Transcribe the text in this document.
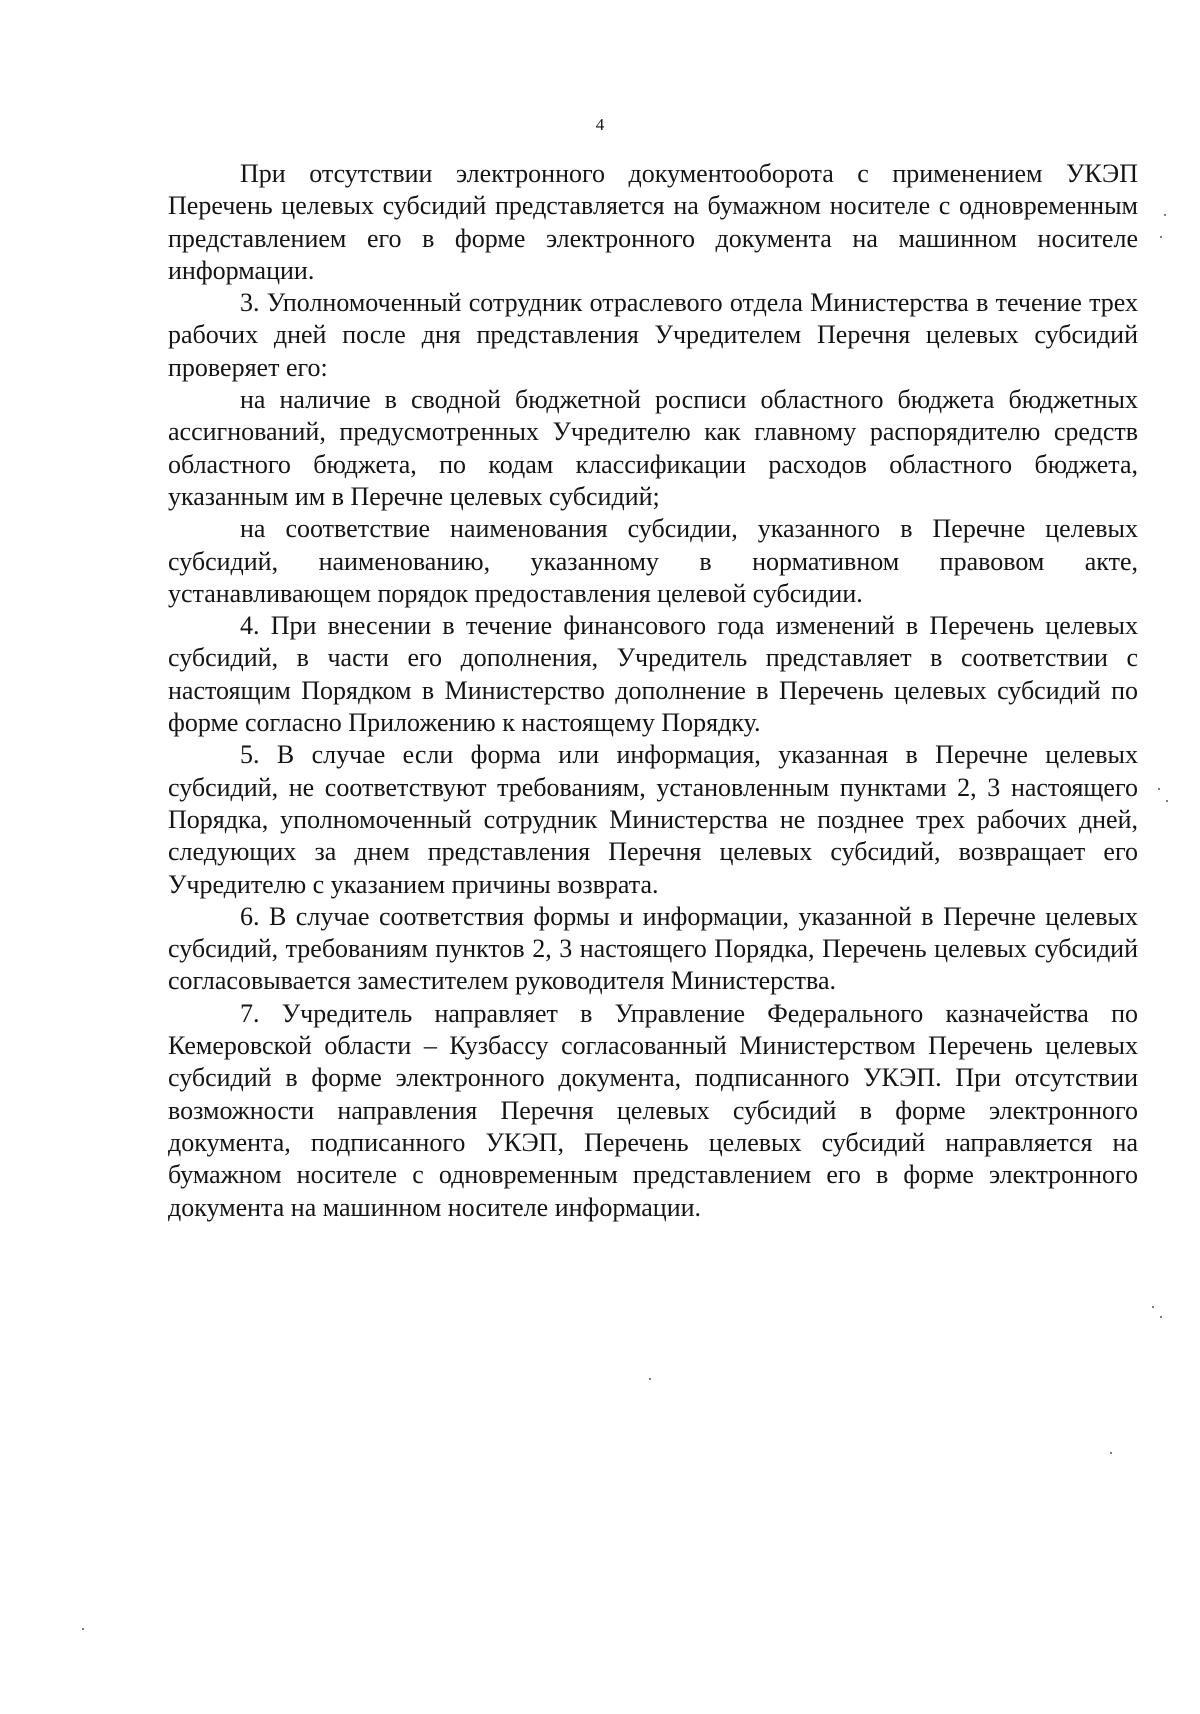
4

При отсутствии электронного документооборота с применением УКЭП Перечень целевых субсидий представляется на бумажном носителе с одновременным представлением его в форме электронного документа на машинном носителе информации.

3. Уполномоченный сотрудник отраслевого отдела Министерства в течение трех рабочих дней после дня представления Учредителем Перечня целевых субсидий проверяет его:

на наличие в сводной бюджетной росписи областного бюджета бюджетных ассигнований, предусмотренных Учредителю как главному распорядителю средств областного бюджета, по кодам классификации расходов областного бюджета, указанным им в Перечне целевых субсидий;

на соответствие наименования субсидии, указанного в Перечне целевых субсидий, наименованию, указанному в нормативном правовом акте, устанавливающем порядок предоставления целевой субсидии.

4. При внесении в течение финансового года изменений в Перечень целевых субсидий, в части его дополнения, Учредитель представляет в соответствии с настоящим Порядком в Министерство дополнение в Перечень целевых субсидий по форме согласно Приложению к настоящему Порядку.

5. В случае если форма или информация, указанная в Перечне целевых субсидий, не соответствуют требованиям, установленным пунктами 2, 3 настоящего Порядка, уполномоченный сотрудник Министерства не позднее трех рабочих дней, следующих за днем представления Перечня целевых субсидий, возвращает его Учредителю с указанием причины возврата.

6. В случае соответствия формы и информации, указанной в Перечне целевых субсидий, требованиям пунктов 2, 3 настоящего Порядка, Перечень целевых субсидий согласовывается заместителем руководителя Министерства.

7. Учредитель направляет в Управление Федерального казначейства по Кемеровской области – Кузбассу согласованный Министерством Перечень целевых субсидий в форме электронного документа, подписанного УКЭП. При отсутствии возможности направления Перечня целевых субсидий в форме электронного документа, подписанного УКЭП, Перечень целевых субсидий направляется на бумажном носителе с одновременным представлением его в форме электронного документа на машинном носителе информации.
